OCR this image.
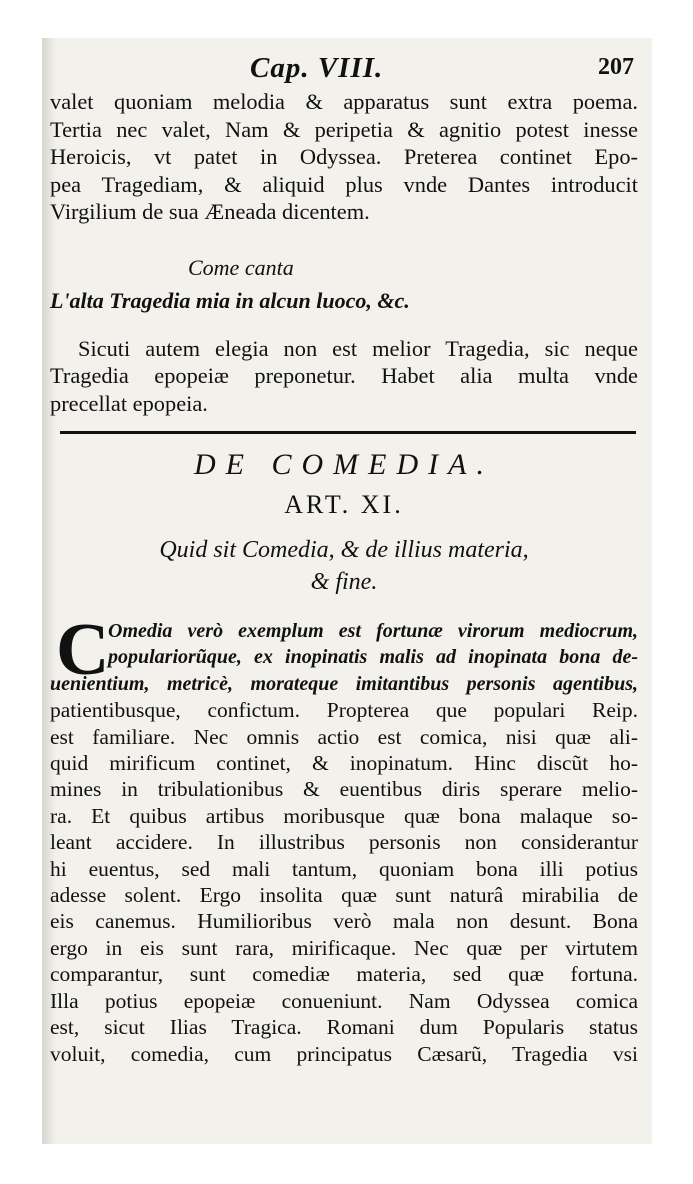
Cap. VIII.	207
valet quoniam melodia & apparatus sunt extra poema.
Tertia nec valet, Nam & peripetia & agnitio potest inesse
Heroicis, vt patet in Odyssea. Preterea continet Epo-
pea Tragediam, & aliquid plus vnde Dantes introducit
Virgilium de sua Æneada dicentem.
Come canta
L'alta Tragedia mia in alcun luoco, &c.
Sicuti autem elegia non est melior Tragedia, sic neque
Tragedia epopeiæ preponetur. Habet alia multa vnde
precellat epopeia.
DE COMEDIA.
ART. XI.
Quid sit Comedia, & de illius materia,
& fine.
C
Omedia verò exemplum est fortunæ virorum mediocrum,
populariorũque, ex inopinatis malis ad inopinata bona de-
uenientium, metricè, morateque imitantibus personis agentibus,
patientibusque, confictum. Propterea que populari Reip.
est familiare. Nec omnis actio est comica, nisi quæ ali-
quid mirificum continet, & inopinatum. Hinc discũt ho-
mines in tribulationibus & euentibus diris sperare melio-
ra. Et quibus artibus moribusque quæ bona malaque so-
leant accidere. In illustribus personis non considerantur
hi euentus, sed mali tantum, quoniam bona illi potius
adesse solent. Ergo insolita quæ sunt naturâ mirabilia de
eis canemus. Humilioribus verò mala non desunt. Bona
ergo in eis sunt rara, mirificaque. Nec quæ per virtutem
comparantur, sunt comediæ materia, sed quæ fortuna.
Illa potius epopeiæ conueniunt. Nam Odyssea comica
est, sicut Ilias Tragica. Romani dum Popularis status
voluit, comedia, cum principatus Cæsarũ, Tragedia vsi
